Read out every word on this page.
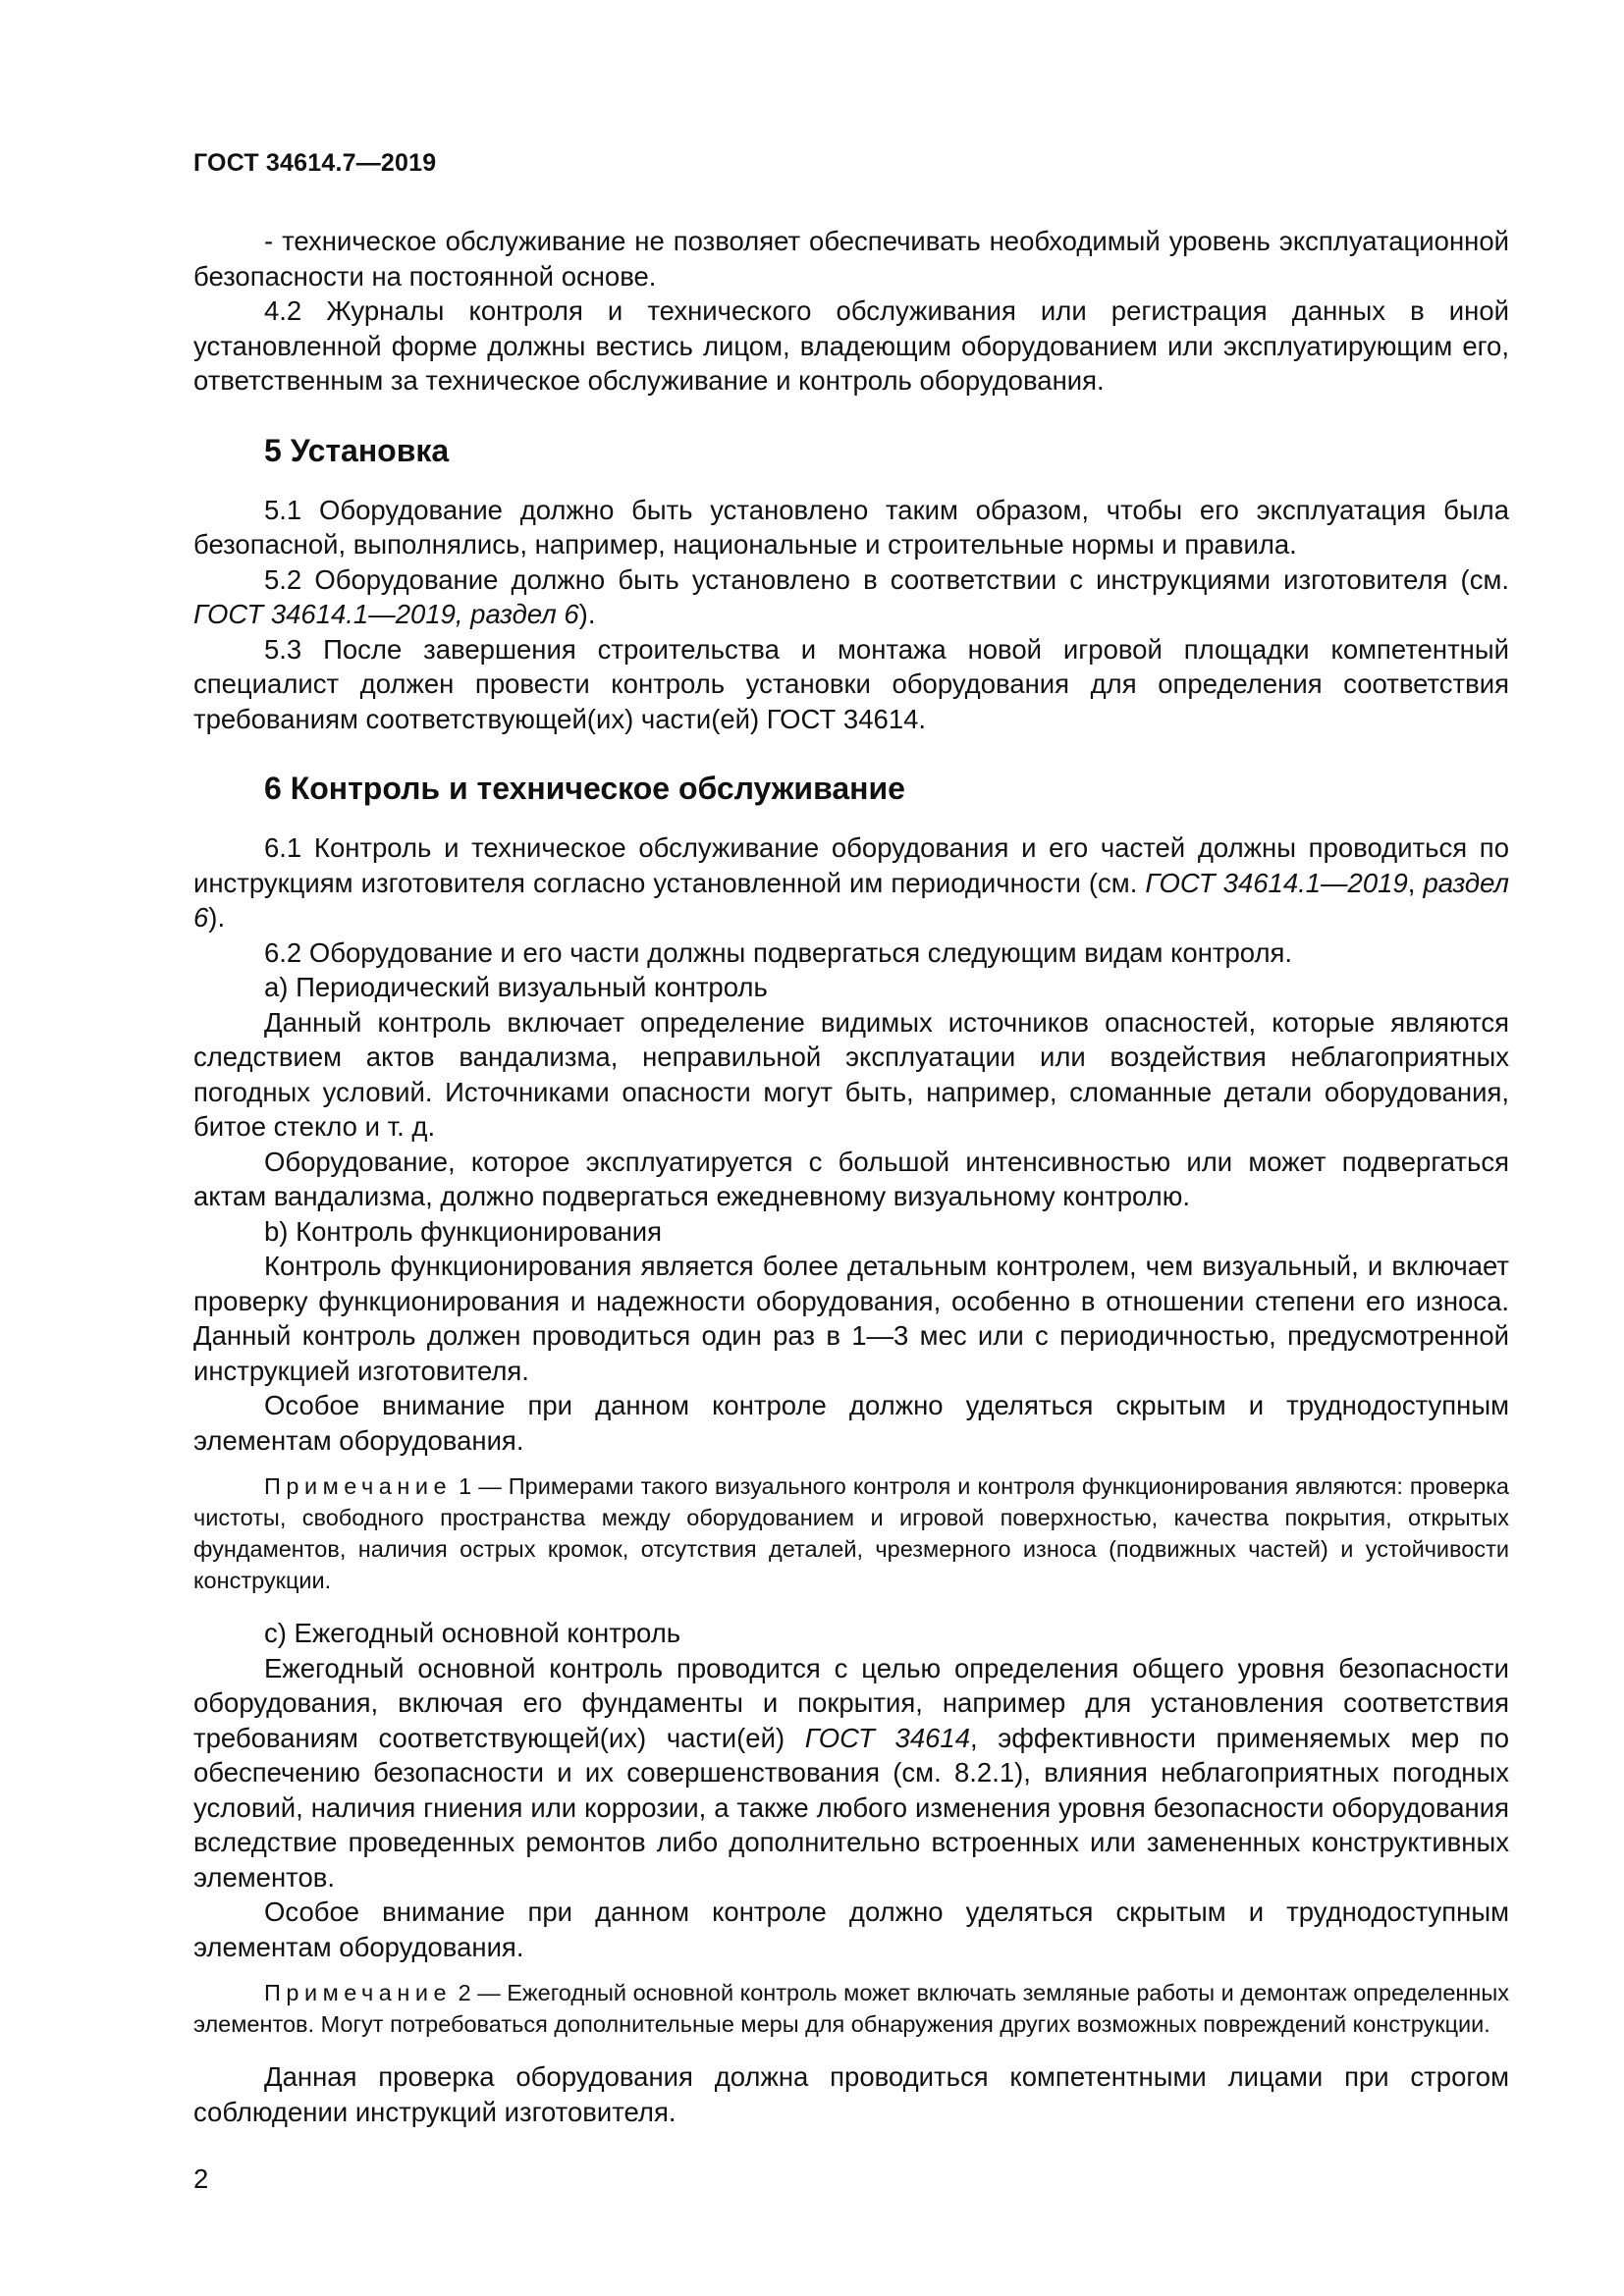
ГОСТ 34614.7—2019

- техническое обслуживание не позволяет обеспечивать необходимый уровень эксплуатационной безопасности на постоянной основе.

4.2 Журналы контроля и технического обслуживания или регистрация данных в иной установленной форме должны вестись лицом, владеющим оборудованием или эксплуатирующим его, ответственным за техническое обслуживание и контроль оборудования.

5 Установка

5.1 Оборудование должно быть установлено таким образом, чтобы его эксплуатация была безопасной, выполнялись, например, национальные и строительные нормы и правила.

5.2 Оборудование должно быть установлено в соответствии с инструкциями изготовителя (см. ГОСТ 34614.1—2019, раздел 6).

5.3 После завершения строительства и монтажа новой игровой площадки компетентный специалист должен провести контроль установки оборудования для определения соответствия требованиям соответствующей(их) части(ей) ГОСТ 34614.

6 Контроль и техническое обслуживание

6.1 Контроль и техническое обслуживание оборудования и его частей должны проводиться по инструкциям изготовителя согласно установленной им периодичности (см. ГОСТ 34614.1—2019, раздел 6).

6.2 Оборудование и его части должны подвергаться следующим видам контроля.

a) Периодический визуальный контроль

Данный контроль включает определение видимых источников опасностей, которые являются следствием актов вандализма, неправильной эксплуатации или воздействия неблагоприятных погодных условий. Источниками опасности могут быть, например, сломанные детали оборудования, битое стекло и т. д.

Оборудование, которое эксплуатируется с большой интенсивностью или может подвергаться актам вандализма, должно подвергаться ежедневному визуальному контролю.

b) Контроль функционирования

Контроль функционирования является более детальным контролем, чем визуальный, и включает проверку функционирования и надежности оборудования, особенно в отношении степени его износа. Данный контроль должен проводиться один раз в 1—3 мес или с периодичностью, предусмотренной инструкцией изготовителя.

Особое внимание при данном контроле должно уделяться скрытым и труднодоступным элементам оборудования.

Примечание 1 — Примерами такого визуального контроля и контроля функционирования являются: проверка чистоты, свободного пространства между оборудованием и игровой поверхностью, качества покрытия, открытых фундаментов, наличия острых кромок, отсутствия деталей, чрезмерного износа (подвижных частей) и устойчивости конструкции.

c) Ежегодный основной контроль

Ежегодный основной контроль проводится с целью определения общего уровня безопасности оборудования, включая его фундаменты и покрытия, например для установления соответствия требованиям соответствующей(их) части(ей) ГОСТ 34614, эффективности применяемых мер по обеспечению безопасности и их совершенствования (см. 8.2.1), влияния неблагоприятных погодных условий, наличия гниения или коррозии, а также любого изменения уровня безопасности оборудования вследствие проведенных ремонтов либо дополнительно встроенных или замененных конструктивных элементов.

Особое внимание при данном контроле должно уделяться скрытым и труднодоступным элементам оборудования.

Примечание 2 — Ежегодный основной контроль может включать земляные работы и демонтаж определенных элементов. Могут потребоваться дополнительные меры для обнаружения других возможных повреждений конструкции.

Данная проверка оборудования должна проводиться компетентными лицами при строгом соблюдении инструкций изготовителя.

2
